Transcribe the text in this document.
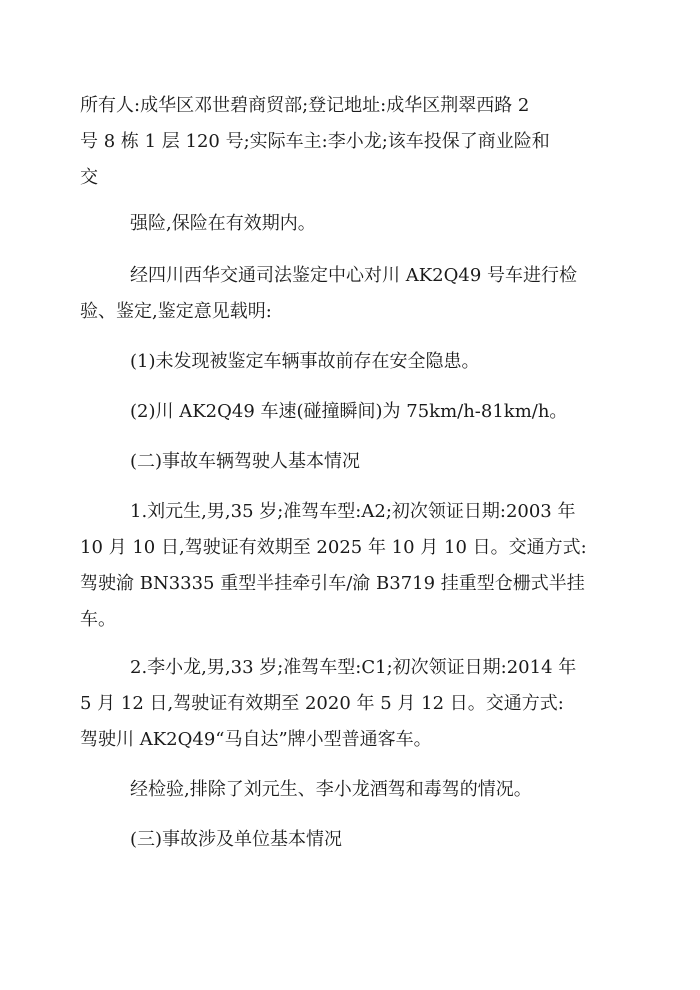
所有人:成华区邓世碧商贸部;登记地址:成华区荆翠西路 2
号 8 栋 1 层 120 号;实际车主:李小龙;该车投保了商业险和
交

强险,保险在有效期内。

经四川西华交通司法鉴定中心对川 AK2Q49 号车进行检

验、鉴定,鉴定意见载明:

(1)未发现被鉴定车辆事故前存在安全隐患。

(2)川 AK2Q49 车速(碰撞瞬间)为 75km/h-81km/h。

(二)事故车辆驾驶人基本情况

1.刘元生,男,35 岁;准驾车型:A2;初次领证日期:2003 年

10 月 10 日,驾驶证有效期至 2025 年 10 月 10 日。交通方式:
驾驶渝 BN3335 重型半挂牵引车/渝 B3719 挂重型仓栅式半挂
车。

2.李小龙,男,33 岁;准驾车型:C1;初次领证日期:2014 年

5 月 12 日,驾驶证有效期至 2020 年 5 月 12 日。交通方式:
驾驶川 AK2Q49“马自达”牌小型普通客车。

经检验,排除了刘元生、李小龙酒驾和毒驾的情况。

(三)事故涉及单位基本情况
